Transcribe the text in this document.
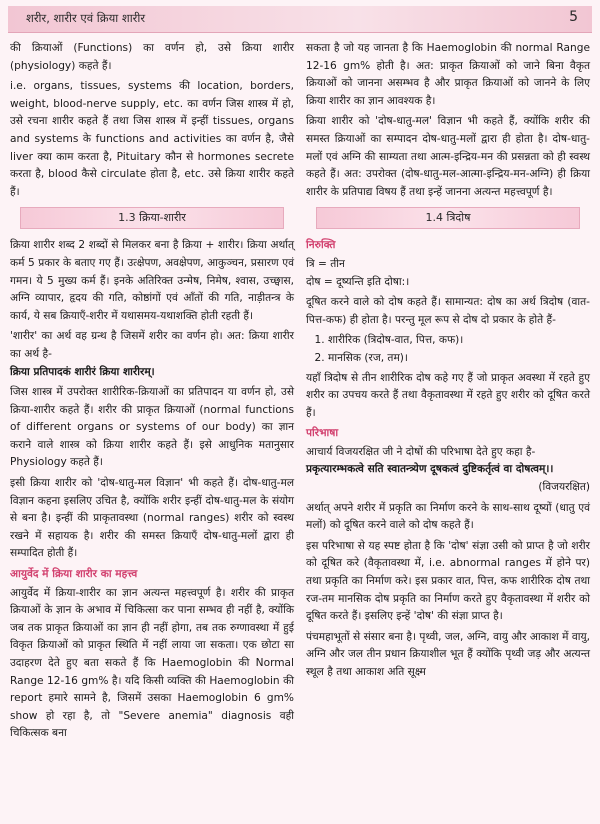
शरीर, शारीर एवं क्रिया शारीर	5

की क्रियाओं (Functions) का वर्णन हो, उसे क्रिया शारीर (physiology) कहते हैं।

i.e. organs, tissues, systems की location, borders, weight, blood-nerve supply, etc. का वर्णन जिस शास्त्र में हो, उसे रचना शारीर कहते हैं तथा जिस शास्त्र में इन्हीं tissues, organs and systems के functions and activities का वर्णन है, जैसे liver क्या काम करता है, Pituitary कौन से hormones secrete करता है, blood कैसे circulate होता है, etc. उसे क्रिया शारीर कहते हैं।

1.3 क्रिया-शारीर

क्रिया शारीर शब्द 2 शब्दों से मिलकर बना है क्रिया + शारीर। क्रिया अर्थात् कर्म 5 प्रकार के बताए गए हैं। उत्क्षेपण, अवक्षेपण, आकुञ्चन, प्रसारण एवं गमन। ये 5 मुख्य कर्म हैं। इनके अतिरिक्त उन्मेष, निमेष, श्वास, उच्छ्वास, अग्नि व्यापार, हृदय की गति, कोष्ठांगों एवं आँतों की गति, नाड़ीतन्त्र के कार्य, ये सब क्रियाएँ-शरीर में यथासमय-यथाशक्ति होती रहती हैं।

'शारीर' का अर्थ वह ग्रन्थ है जिसमें शरीर का वर्णन हो। अत: क्रिया शारीर का अर्थ है-

क्रिया प्रतिपादकं शारीरं क्रिया शारीरम्।

जिस शास्त्र में उपरोक्त शारीरिक-क्रियाओं का प्रतिपादन या वर्णन हो, उसे क्रिया-शारीर कहते हैं। शरीर की प्राकृत क्रियाओं (normal functions of different organs or systems of our body) का ज्ञान कराने वाले शास्त्र को क्रिया शारीर कहते हैं। इसे आधुनिक मतानुसार Physiology कहते हैं।

इसी क्रिया शारीर को 'दोष-धातु-मल विज्ञान' भी कहते हैं। दोष-धातु-मल विज्ञान कहना इसलिए उचित है, क्योंकि शरीर इन्हीं दोष-धातु-मल के संयोग से बना है। इन्हीं की प्राकृतावस्था (normal ranges) शरीर को स्वस्थ रखने में सहायक है। शरीर की समस्त क्रियाएँ दोष-धातु-मलों द्वारा ही सम्पादित होती हैं।

आयुर्वेद में क्रिया शारीर का महत्त्व

आयुर्वेद में क्रिया-शारीर का ज्ञान अत्यन्त महत्त्वपूर्ण है। शरीर की प्राकृत क्रियाओं के ज्ञान के अभाव में चिकित्सा कर पाना सम्भव ही नहीं है, क्योंकि जब तक प्राकृत क्रियाओं का ज्ञान ही नहीं होगा, तब तक रुग्णावस्था में हुई विकृत क्रियाओं को प्राकृत स्थिति में नहीं लाया जा सकता। एक छोटा सा उदाहरण देते हुए बता सकते हैं कि Haemoglobin की Normal Range 12-16 gm% है। यदि किसी व्यक्ति की Haemoglobin की report हमारे सामने है, जिसमें उसका Haemoglobin 6 gm% show हो रहा है, तो "Severe anemia" diagnosis वही चिकित्सक बना

सकता है जो यह जानता है कि Haemoglobin की normal Range 12-16 gm% होती है। अत: प्राकृत क्रियाओं को जाने बिना वैकृत क्रियाओं को जानना असम्भव है और प्राकृत क्रियाओं को जानने के लिए क्रिया शारीर का ज्ञान आवश्यक है।

क्रिया शारीर को 'दोष-धातु-मल' विज्ञान भी कहते हैं, क्योंकि शरीर की समस्त क्रियाओं का सम्पादन दोष-धातु-मलों द्वारा ही होता है। दोष-धातु-मलों एवं अग्नि की साम्यता तथा आत्म-इन्द्रिय-मन की प्रसन्नता को ही स्वस्थ कहते हैं। अत: उपरोक्त (दोष-धातु-मल-आत्मा-इन्द्रिय-मन-अग्नि) ही क्रिया शारीर के प्रतिपाद्य विषय हैं तथा इन्हें जानना अत्यन्त महत्त्वपूर्ण है।

1.4 त्रिदोष
निरुक्ति

त्रि = तीन

दोष = दूष्यन्ति इति दोषा:।

दूषित करने वाले को दोष कहते हैं। सामान्यत: दोष का अर्थ त्रिदोष (वात-पित्त-कफ) ही होता है। परन्तु मूल रूप से दोष दो प्रकार के होते हैं-

1. शारीरिक (त्रिदोष-वात, पित्त, कफ)।
2. मानसिक (रज, तम)।

यहाँ त्रिदोष से तीन शारीरिक दोष कहे गए हैं जो प्राकृत अवस्था में रहते हुए शरीर का उपचय करते हैं तथा वैकृतावस्था में रहते हुए शरीर को दूषित करते हैं।

परिभाषा

आचार्य विजयरक्षित जी ने दोषों की परिभाषा देते हुए कहा है-

प्रकृत्यारम्भकत्वे सति स्वातन्त्र्येण दूषकत्वं दुष्टिकर्तृत्वं वा दोषत्वम्।।

(विजयरक्षित)

अर्थात् अपने शरीर में प्रकृति का निर्माण करने के साथ-साथ दूष्यों (धातु एवं मलों) को दूषित करने वाले को दोष कहते हैं।

इस परिभाषा से यह स्पष्ट होता है कि 'दोष' संज्ञा उसी को प्राप्त है जो शरीर को दूषित करे (वैकृतावस्था में, i.e. abnormal ranges में होने पर) तथा प्रकृति का निर्माण करे। इस प्रकार वात, पित्त, कफ शारीरिक दोष तथा रज-तम मानसिक दोष प्रकृति का निर्माण करते हुए वैकृतावस्था में शरीर को दूषित करते हैं। इसलिए इन्हें 'दोष' की संज्ञा प्राप्त है।

पंचमहाभूतों से संसार बना है। पृथ्वी, जल, अग्नि, वायु और आकाश में वायु, अग्नि और जल तीन प्रधान क्रियाशील भूत हैं क्योंकि पृथ्वी जड़ और अत्यन्त स्थूल है तथा आकाश अति सूक्ष्म
